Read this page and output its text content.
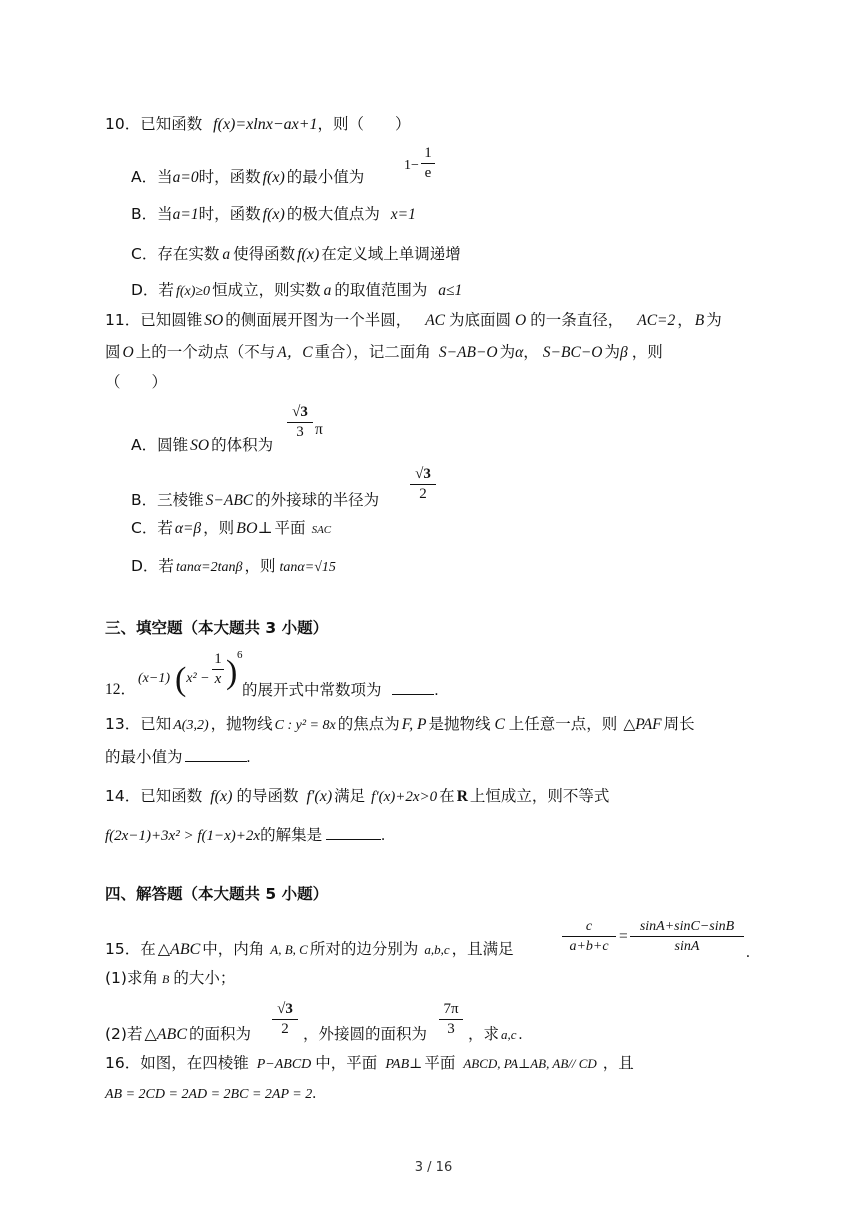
10．已知函数 f(x)=xlnx−ax+1，则（　　）
A．当a=0时，函数 f(x) 的最小值为
1−
1
e
B．当a=1时，函数 f(x) 的极大值点为 x=1
C．存在实数 a 使得函数 f(x) 在定义域上单调递增
D．若 f(x)≥0 恒成立，则实数 a 的取值范围为 a≤1
11．已知圆锥 SO 的侧面展开图为一个半圆， AC 为底面圆 O 的一条直径， AC=2 ， B 为
圆 O 上的一个动点（不与 A，C 重合），记二面角 S−AB−O 为α， S−BC−O 为β ，则
（　　）
A．圆锥 SO 的体积为
√3
3 π
B．三棱锥 S−ABC 的外接球的半径为
√3
2
C．若 α=β ，则 BO⊥ 平面 SAC
D．若 tanα=2tanβ ，则 tanα=√15
三、填空题（本大题共 3 小题）
12．
(x−1) (x² −
1
x ) 6
的展开式中常数项为	.
13．已知 A(3,2) ，抛物线 C : y² = 8x 的焦点为 F, P 是抛物线 C 上任意一点，则 △PAF 周长
的最小值为	.
14．已知函数 f(x) 的导函数 f′(x) 满足 f′(x)+2x>0 在 R 上恒成立，则不等式
f(2x−1)+3x² > f(1−x)+2x的解集是	.
四、解答题（本大题共 5 小题）
15．在 △ABC 中，内角 A, B, C 所对的边分别为 a,b,c ，且满足
c
a+b+c
=
sinA+sinC−sinB
sinA	.
(1)求角 B 的大小；
(2)若 △ABC 的面积为
√3
2 ，外接圆的面积为
7π
3 ，求 a,c .
16．如图，在四棱锥 P−ABCD 中，平面 PAB⊥ 平面 ABCD, PA⊥AB, AB// CD ，且
AB = 2CD = 2AD = 2BC = 2AP = 2.
3 / 16
